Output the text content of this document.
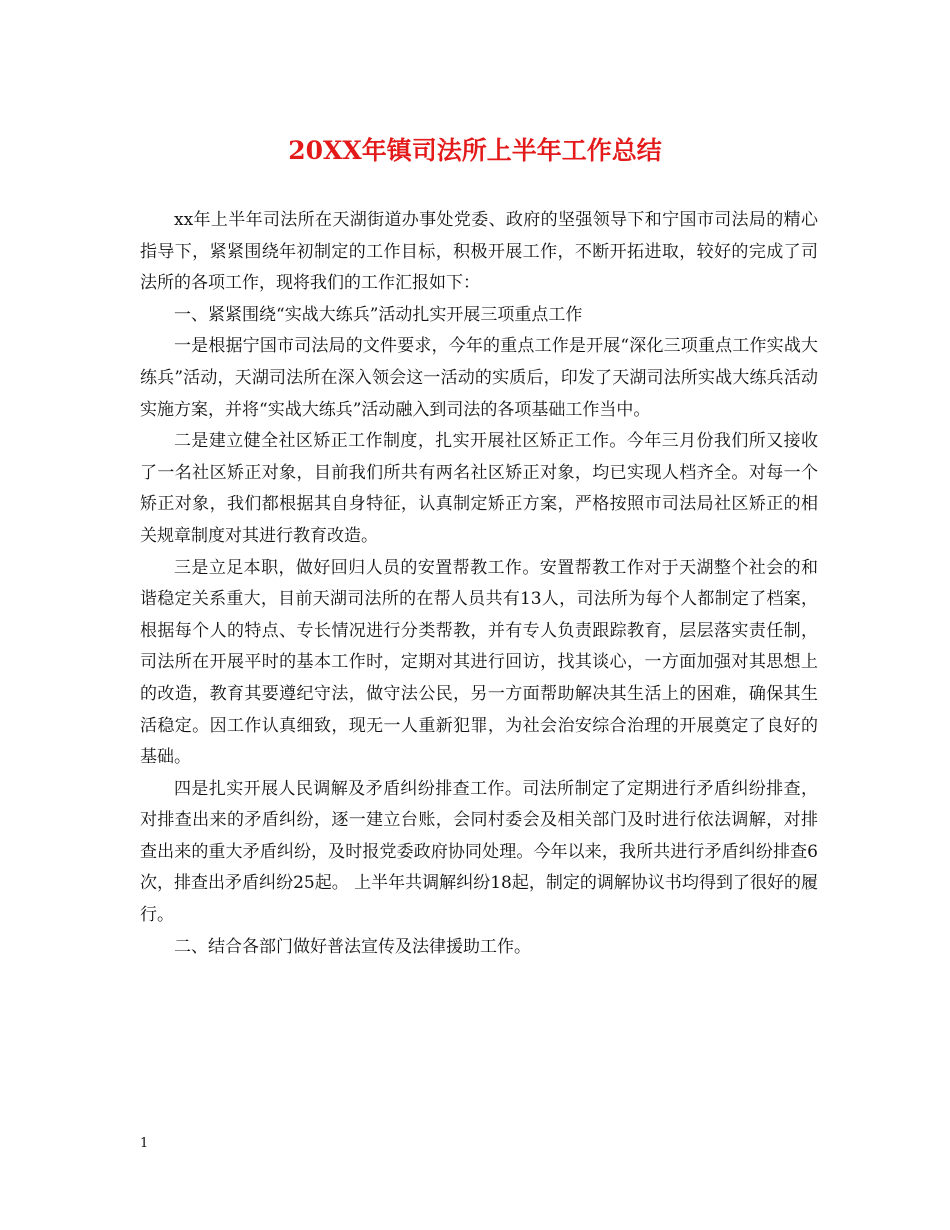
20XX年镇司法所上半年工作总结

xx年上半年司法所在天湖街道办事处党委、政府的坚强领导下和宁国市司法局的精心指导下，紧紧围绕年初制定的工作目标，积极开展工作，不断开拓进取，较好的完成了司法所的各项工作，现将我们的工作汇报如下：

一、紧紧围绕“实战大练兵”活动扎实开展三项重点工作

一是根据宁国市司法局的文件要求，今年的重点工作是开展“深化三项重点工作实战大练兵”活动，天湖司法所在深入领会这一活动的实质后，印发了天湖司法所实战大练兵活动实施方案，并将“实战大练兵”活动融入到司法的各项基础工作当中。

二是建立健全社区矫正工作制度，扎实开展社区矫正工作。今年三月份我们所又接收了一名社区矫正对象，目前我们所共有两名社区矫正对象，均已实现人档齐全。对每一个矫正对象，我们都根据其自身特征，认真制定矫正方案，严格按照市司法局社区矫正的相关规章制度对其进行教育改造。

三是立足本职，做好回归人员的安置帮教工作。安置帮教工作对于天湖整个社会的和谐稳定关系重大，目前天湖司法所的在帮人员共有13人，司法所为每个人都制定了档案，根据每个人的特点、专长情况进行分类帮教，并有专人负责跟踪教育，层层落实责任制，司法所在开展平时的基本工作时，定期对其进行回访，找其谈心，一方面加强对其思想上的改造，教育其要遵纪守法，做守法公民，另一方面帮助解决其生活上的困难，确保其生活稳定。因工作认真细致，现无一人重新犯罪，为社会治安综合治理的开展奠定了良好的基础。

四是扎实开展人民调解及矛盾纠纷排查工作。司法所制定了定期进行矛盾纠纷排查，对排查出来的矛盾纠纷，逐一建立台账，会同村委会及相关部门及时进行依法调解，对排查出来的重大矛盾纠纷，及时报党委政府协同处理。今年以来，我所共进行矛盾纠纷排查6次，排查出矛盾纠纷25起。 上半年共调解纠纷18起，制定的调解协议书均得到了很好的履行。

二、结合各部门做好普法宣传及法律援助工作。

1
